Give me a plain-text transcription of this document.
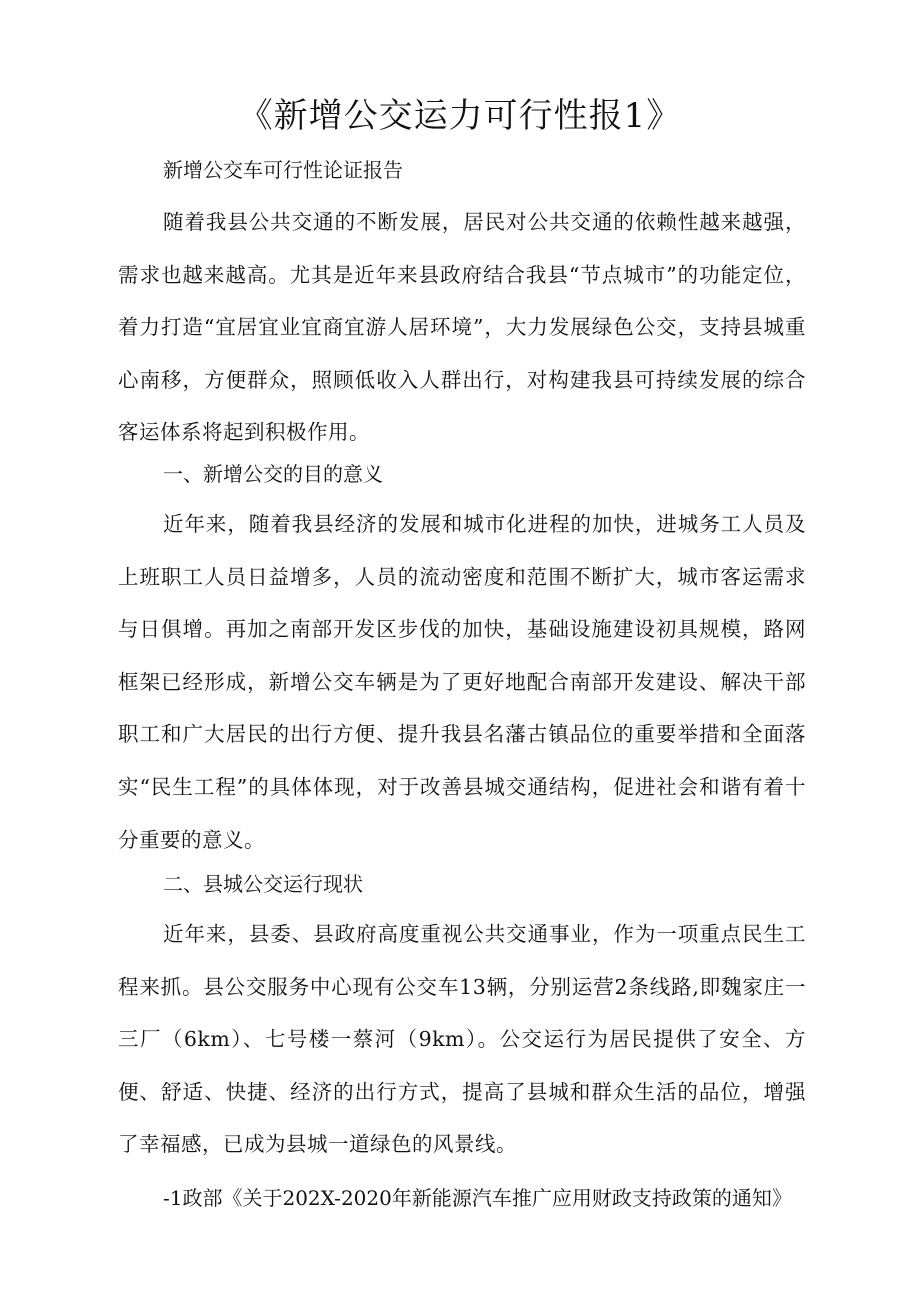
《新增公交运力可行性报1》
新增公交车可行性论证报告
随着我县公共交通的不断发展，居民对公共交通的依赖性越来越强，需求也越来越高。尤其是近年来县政府结合我县“节点城市”的功能定位，着力打造“宜居宜业宜商宜游人居环境”，大力发展绿色公交，支持县城重心南移，方便群众，照顾低收入人群出行，对构建我县可持续发展的综合客运体系将起到积极作用。
一、新增公交的目的意义
近年来，随着我县经济的发展和城市化进程的加快，进城务工人员及上班职工人员日益增多，人员的流动密度和范围不断扩大，城市客运需求与日俱增。再加之南部开发区步伐的加快，基础设施建设初具规模，路网框架已经形成，新增公交车辆是为了更好地配合南部开发建设、解决干部职工和广大居民的出行方便、提升我县名藩古镇品位的重要举措和全面落实“民生工程”的具体体现，对于改善县城交通结构，促进社会和谐有着十分重要的意义。
二、县城公交运行现状
近年来，县委、县政府高度重视公共交通事业，作为一项重点民生工程来抓。县公交服务中心现有公交车13辆，分别运营2条线路,即魏家庄一三厂（6km）、七号楼一蔡河（9km）。公交运行为居民提供了安全、方便、舒适、快捷、经济的出行方式，提高了县城和群众生活的品位，增强了幸福感，已成为县城一道绿色的风景线。
-1政部《关于202X-2020年新能源汽车推广应用财政支持政策的通知》
